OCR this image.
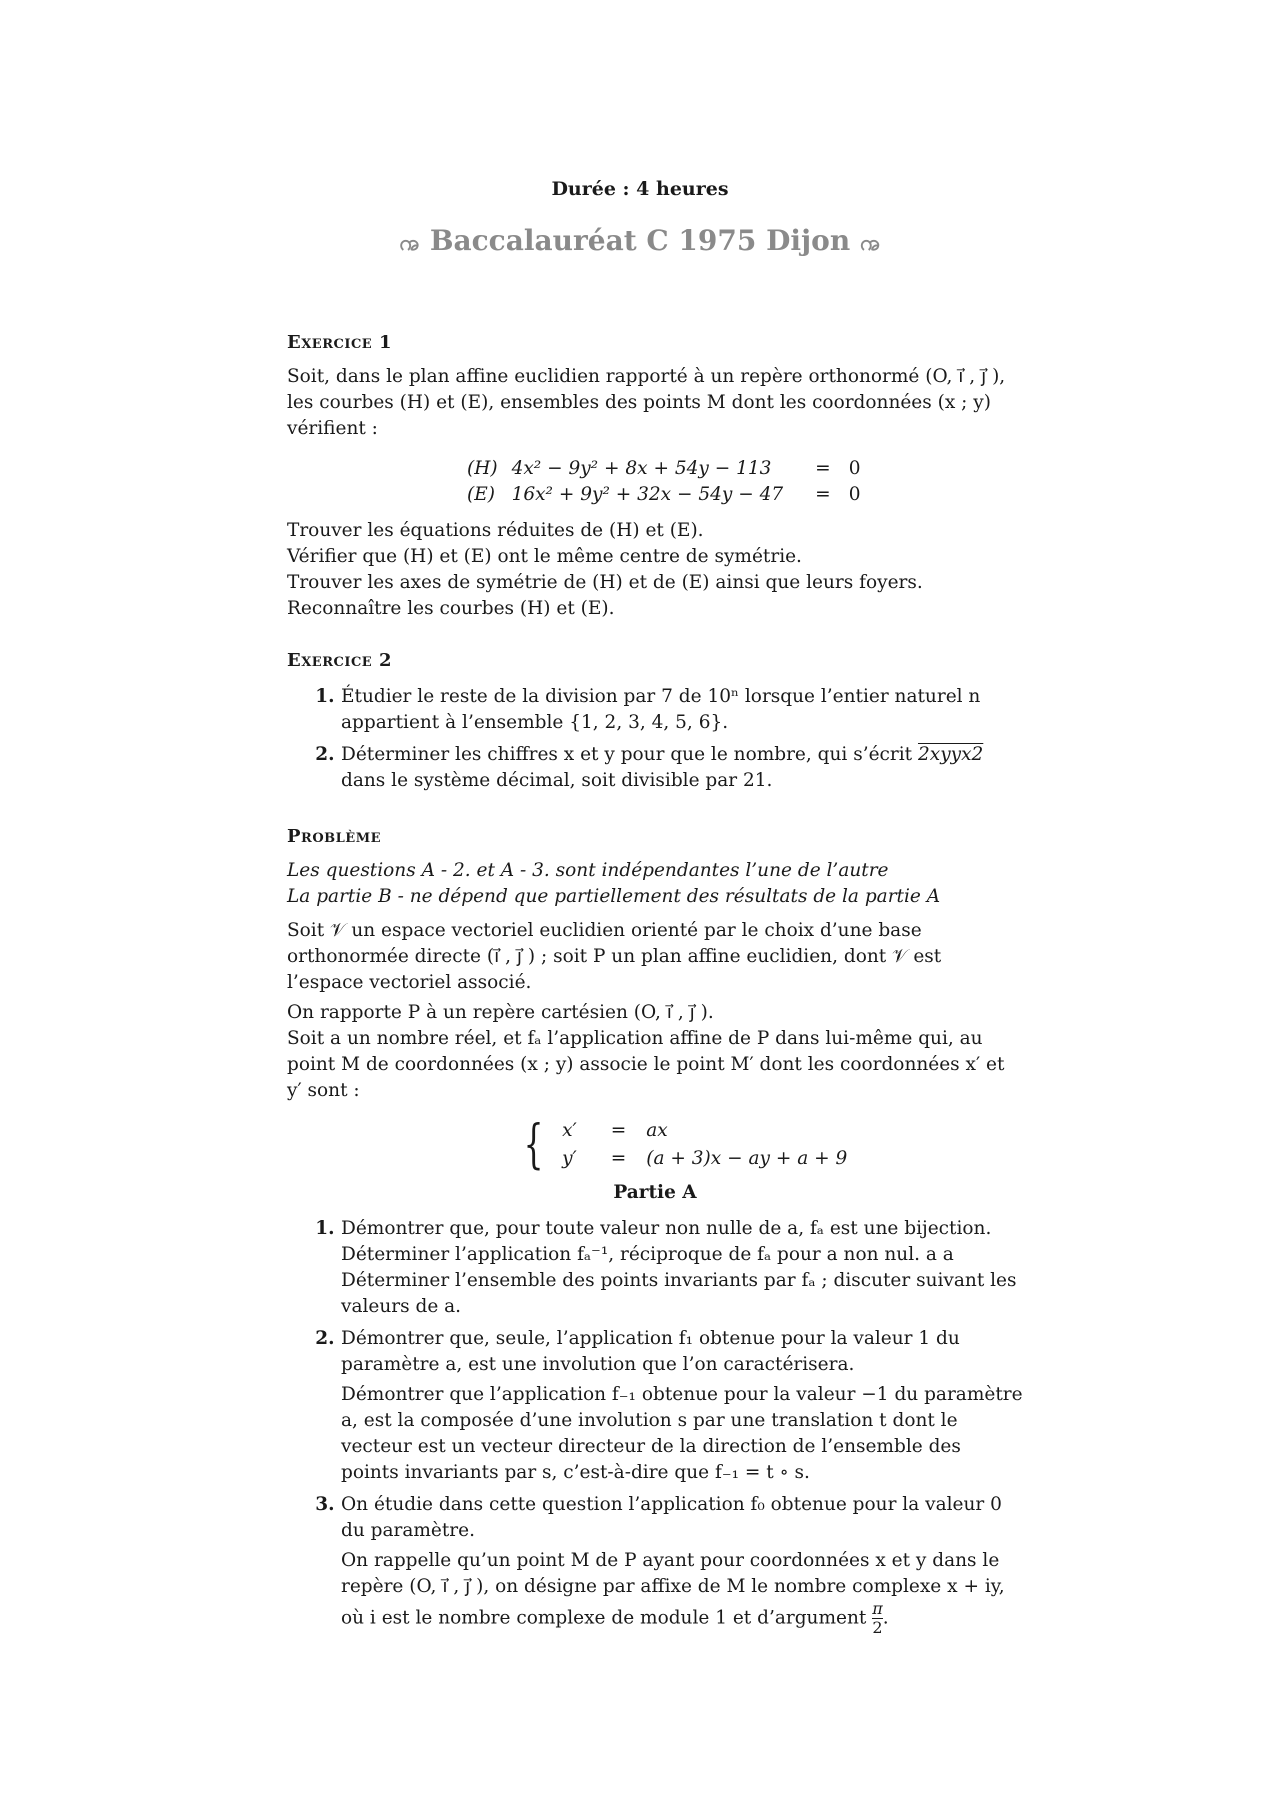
Durée : 4 heures
ꩠ Baccalauréat C 1975 Dijon ꩠ
Exercice 1

Soit, dans le plan affine euclidien rapporté à un repère orthonormé (O, ı⃗ , ȷ⃗ ), les courbes (H) et (E), ensembles des points M dont les coordonnées (x ; y) vérifient :

(H)	4x² − 9y² + 8x + 54y − 113	=	0
(E)	16x² + 9y² + 32x − 54y − 47	=	0

Trouver les équations réduites de (H) et (E).

Vérifier que (H) et (E) ont le même centre de symétrie.

Trouver les axes de symétrie de (H) et de (E) ainsi que leurs foyers. Reconnaître les courbes (H) et (E).

Exercice 2
1. Étudier le reste de la division par 7 de 10ⁿ lorsque l’entier naturel n appartient à l’ensemble {1, 2, 3, 4, 5, 6}.
2. Déterminer les chiffres x et y pour que le nombre, qui s’écrit 2xyyx2 dans le système décimal, soit divisible par 21.
Problème

Les questions A - 2. et A - 3. sont indépendantes l’une de l’autre

La partie B - ne dépend que partiellement des résultats de la partie A

Soit 𝒱 un espace vectoriel euclidien orienté par le choix d’une base orthonormée directe (ı⃗ , ȷ⃗ ) ; soit P un plan affine euclidien, dont 𝒱 est l’espace vectoriel associé.

On rapporte P à un repère cartésien (O, ı⃗ , ȷ⃗ ).

Soit a un nombre réel, et fₐ l’application affine de P dans lui-même qui, au point M de coordonnées (x ; y) associe le point M′ dont les coordonnées x′ et y′ sont :

{ x′	=	ax
y′	=	(a + 3)x − ay + a + 9
Partie A

1. Démontrer que, pour toute valeur non nulle de a, fₐ est une bijection.

Déterminer l’application fₐ⁻¹, réciproque de fₐ pour a non nul. a a Déterminer l’ensemble des points invariants par fₐ ; discuter suivant les valeurs de a.

2. Démontrer que, seule, l’application f₁ obtenue pour la valeur 1 du paramètre a, est une involution que l’on caractérisera.

Démontrer que l’application f₋₁ obtenue pour la valeur −1 du paramètre a, est la composée d’une involution s par une translation t dont le vecteur est un vecteur directeur de la direction de l’ensemble des points invariants par s, c’est-à-dire que f₋₁ = t ∘ s.

3. On étudie dans cette question l’application f₀ obtenue pour la valeur 0 du paramètre.

On rappelle qu’un point M de P ayant pour coordonnées x et y dans le repère (O, ı⃗ , ȷ⃗ ), on désigne par affixe de M le nombre complexe x + iy, où i est le nombre complexe de module 1 et d’argument $\frac{\pi}{2}$ .
